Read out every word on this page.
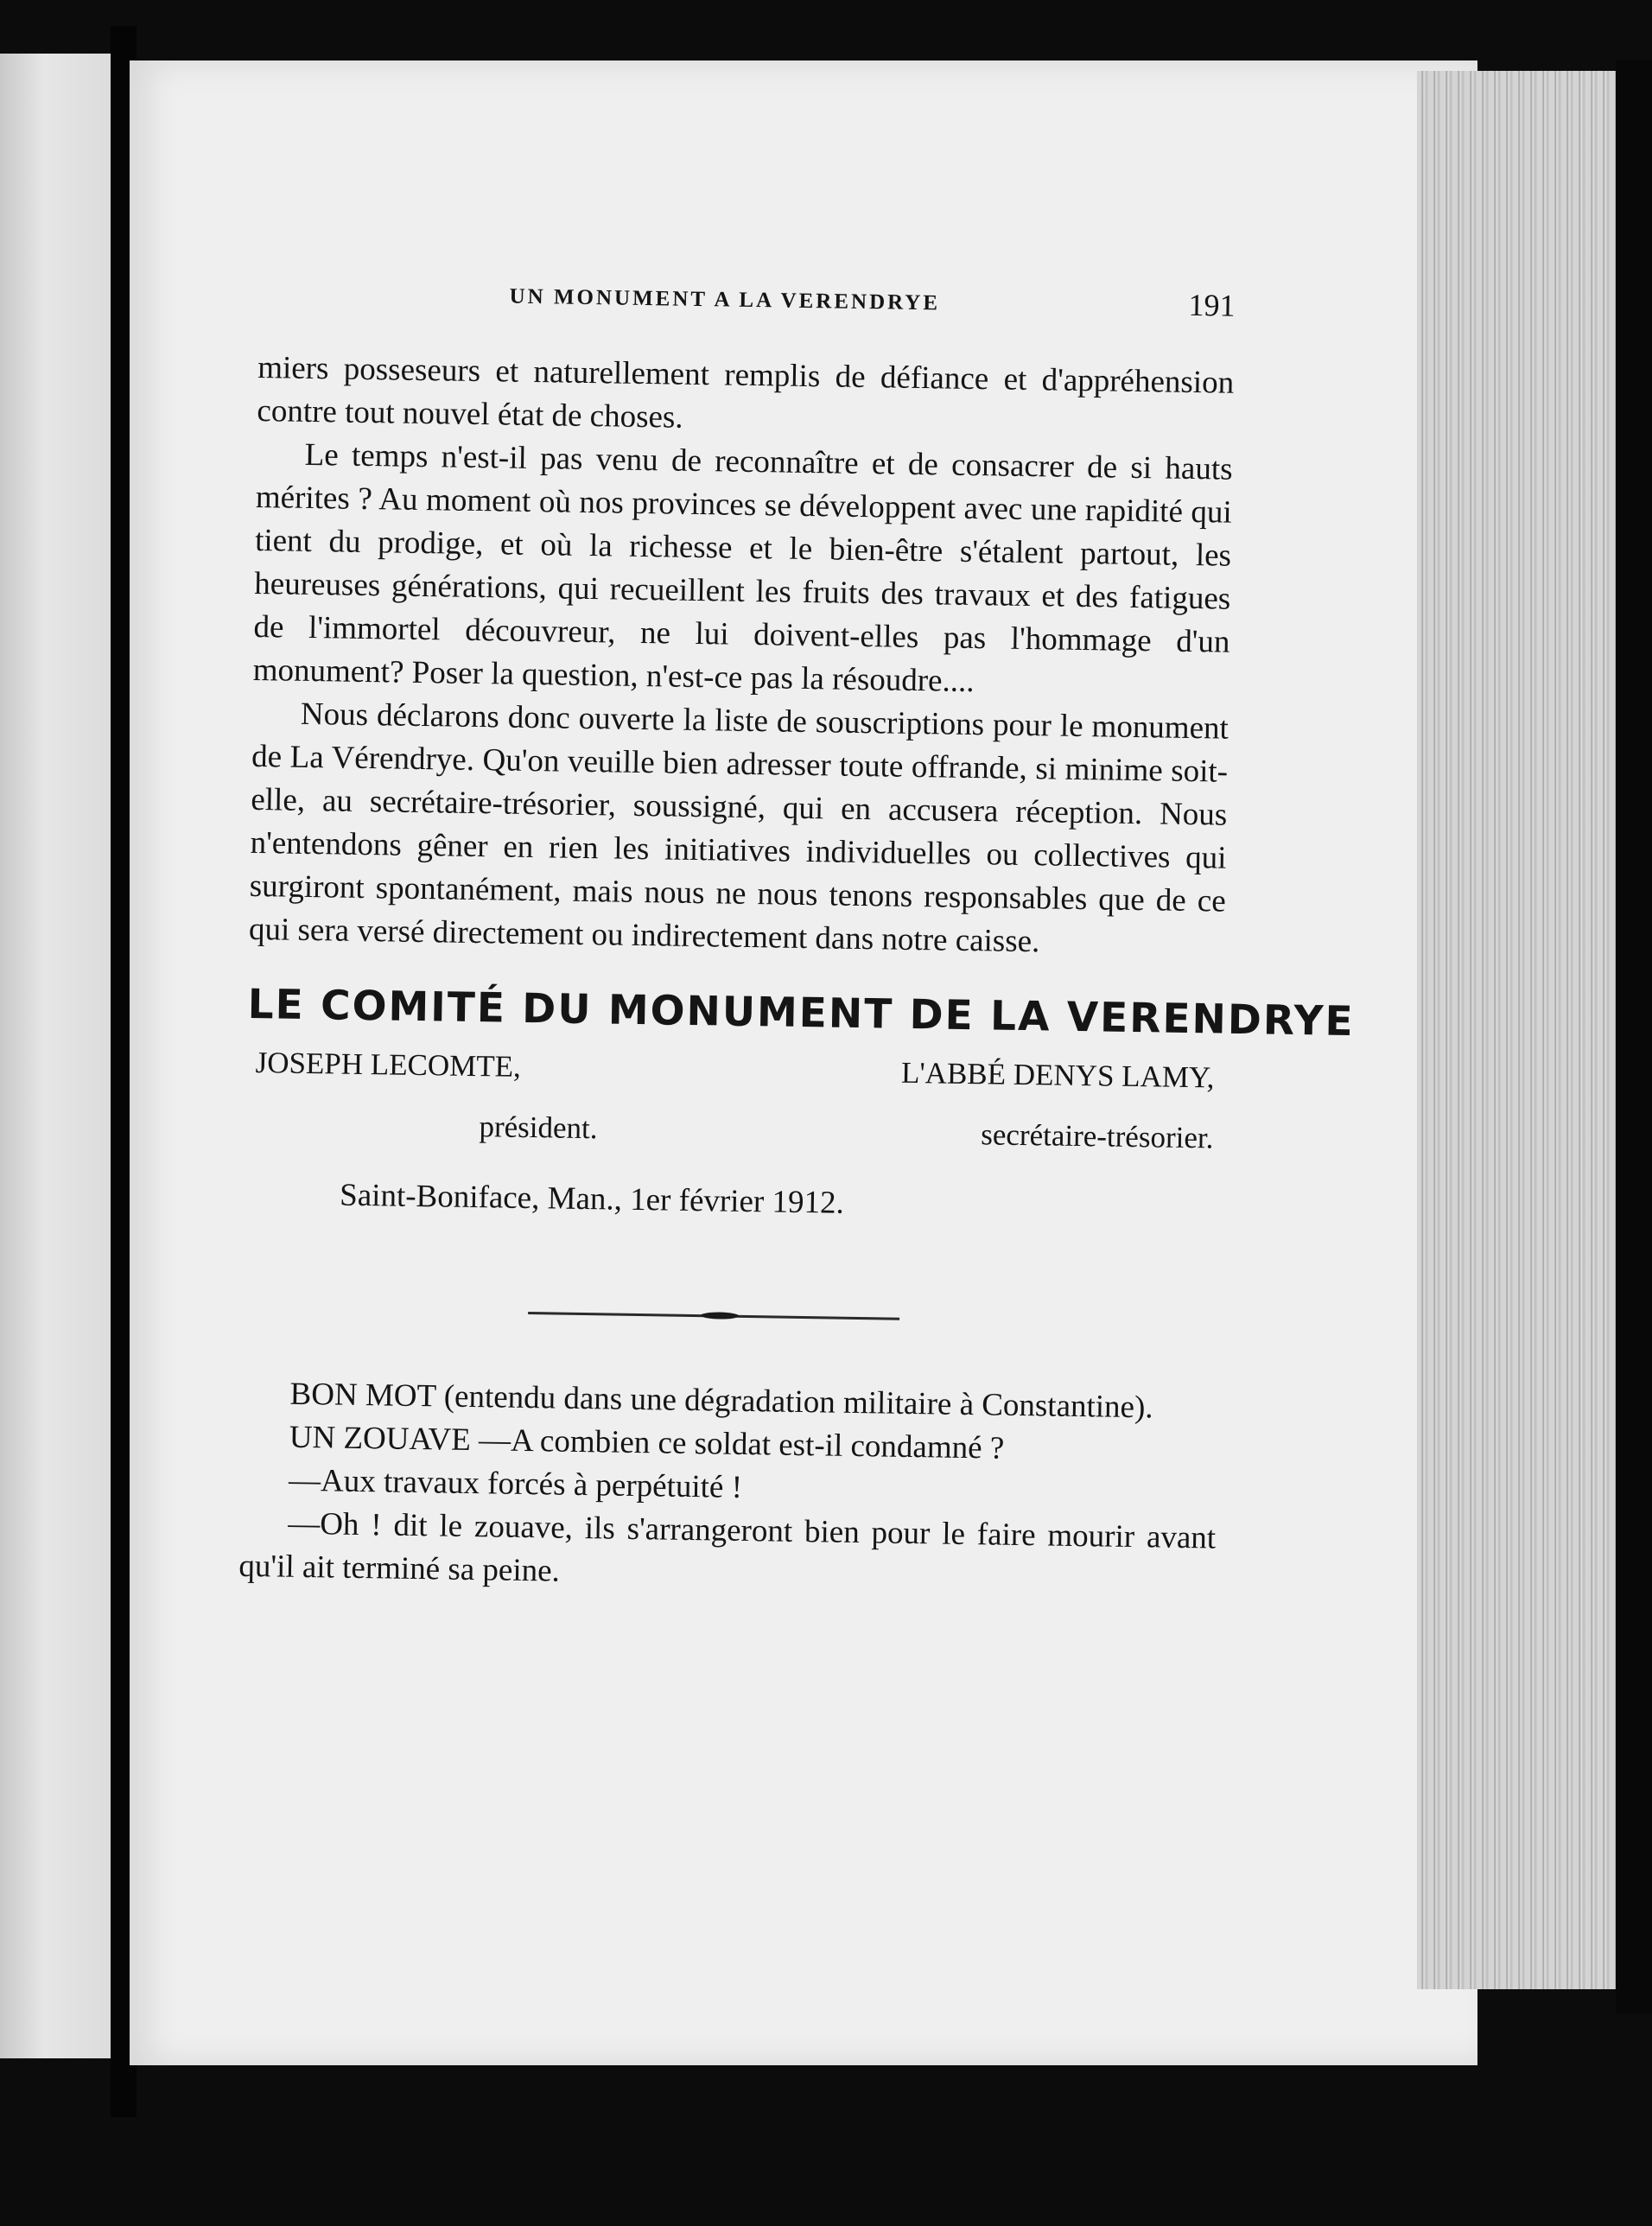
UN MONUMENT A LA VERENDRYE	191

miers posseseurs et naturellement remplis de défiance et d'appréhension contre tout nouvel état de choses.

Le temps n'est-il pas venu de reconnaître et de consacrer de si hauts mérites ? Au moment où nos provinces se développent avec une rapidité qui tient du prodige, et où la richesse et le bien-être s'étalent partout, les heureuses générations, qui recueillent les fruits des travaux et des fatigues de l'immortel découvreur, ne lui doivent-elles pas l'hommage d'un monument? Poser la question, n'est-ce pas la résoudre....

Nous déclarons donc ouverte la liste de souscriptions pour le monument de La Vérendrye. Qu'on veuille bien adresser toute offrande, si minime soit-elle, au secrétaire-trésorier, soussigné, qui en accusera réception. Nous n'entendons gêner en rien les initiatives individuelles ou collectives qui surgiront spontanément, mais nous ne nous tenons responsables que de ce qui sera versé directement ou indirectement dans notre caisse.

LE COMITÉ DU MONUMENT DE LA VERENDRYE
JOSEPH LECOMTE,	L'ABBÉ DENYS LAMY,
président.	secrétaire-trésorier.
Saint-Boniface, Man., 1er février 1912.

BON MOT (entendu dans une dégradation militaire à Constantine).

UN ZOUAVE —A combien ce soldat est-il condamné ?

—Aux travaux forcés à perpétuité !

—Oh ! dit le zouave, ils s'arrangeront bien pour le faire mourir avant qu'il ait terminé sa peine.
